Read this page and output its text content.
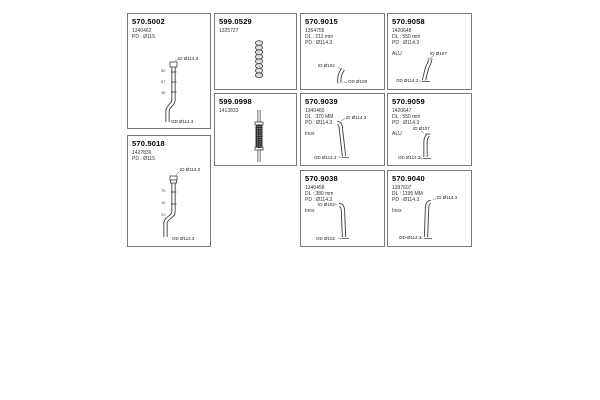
570.5002
1340462
PD : Ø115
ID Ø114.3
OD Ø114.3
50
57
45
570.5018
1427836
PD : Ø115
ID Ø114.3
OD Ø114.3
75
15
20
599.0529
1325727
599.0998
1413833
570.9015
1354755
DL : 211 mm
PD : Ø114.3
ID Ø102
OD Ø108
570.9039
1340460
DL : 370 MM
PD : Ø114.3
Inox
ID Ø114.3
OD Ø114.3
570.9038
1340458
DL : 380 mm
PD : Ø114.3
Inox
ID Ø102
OD Ø102
570.9058
1420648
DL : 550 mm
PD : Ø114.3
ALU	ID Ø107
OD Ø114.3
570.9059
1420647
DL : 550 mm
PD : Ø114.3
ALU
ID Ø107
OD Ø114.3
570.9040
1397607
DL : 1195 MM
PD : Ø114.3
Inox
ID Ø114.3
OD Ø114.3
